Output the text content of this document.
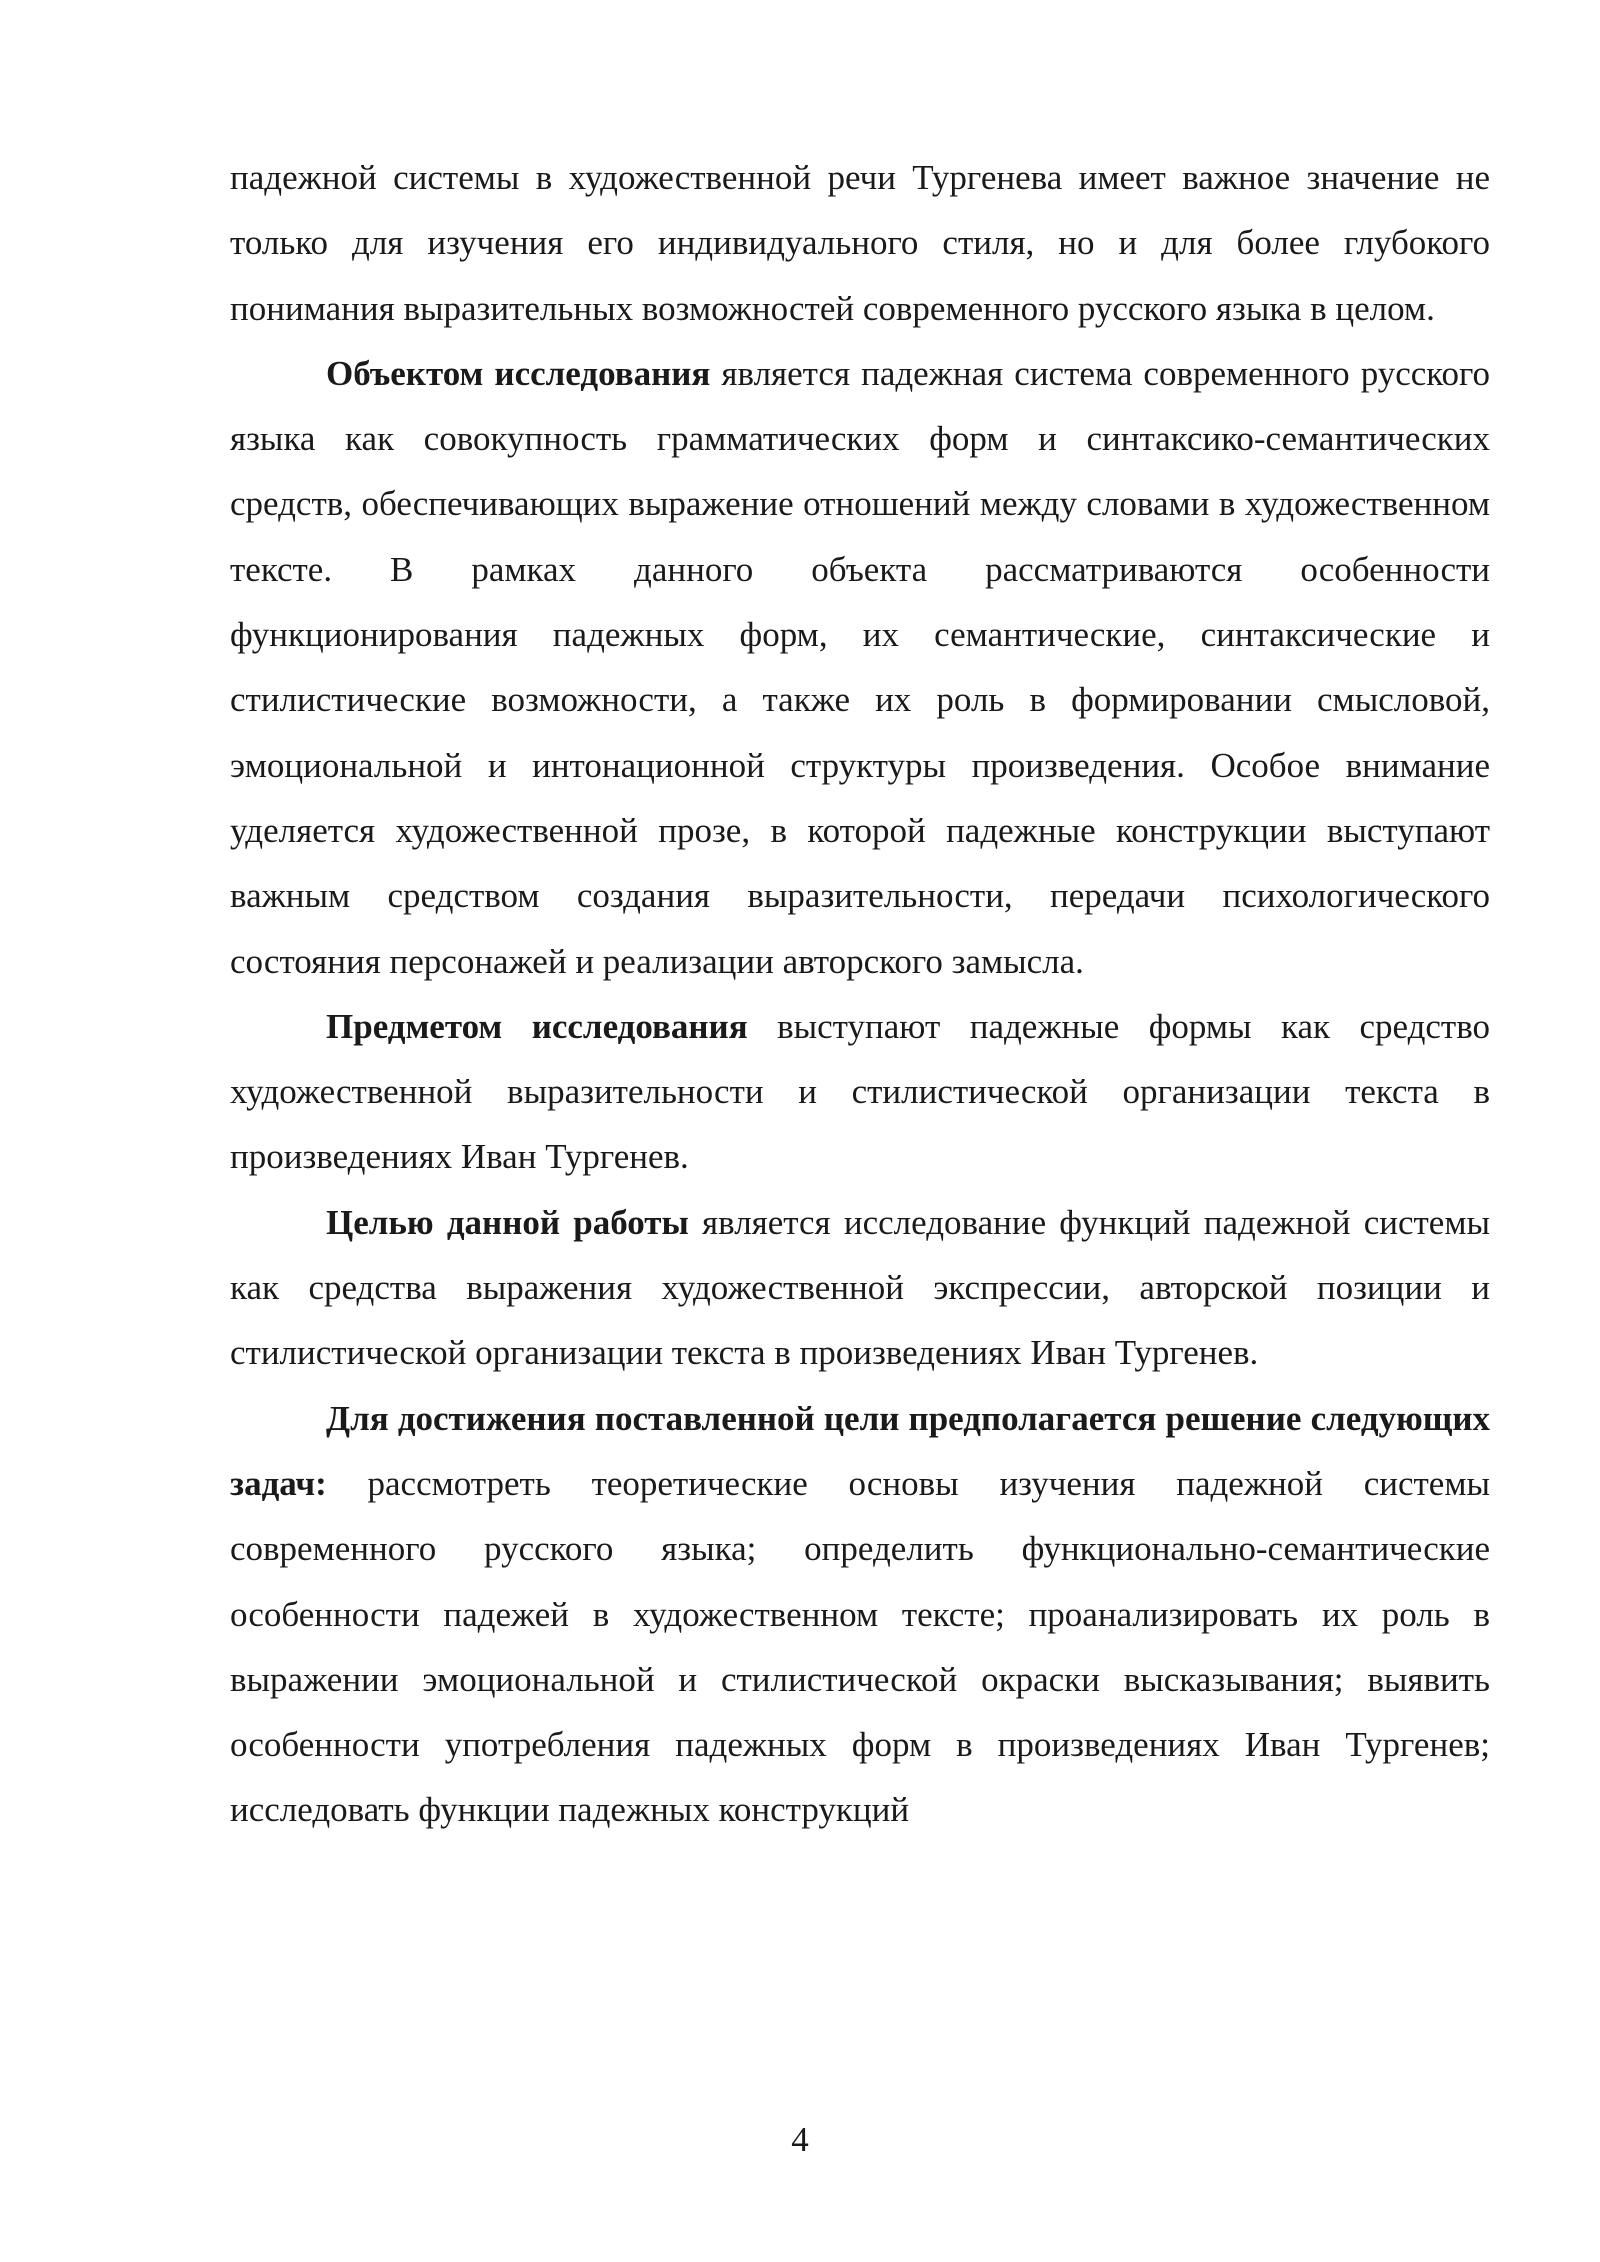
падежной системы в художественной речи Тургенева имеет важное значение не только для изучения его индивидуального стиля, но и для более глубокого понимания выразительных возможностей современного русского языка в целом.

Объектом исследования является падежная система современного русского языка как совокупность грамматических форм и синтаксико-семантических средств, обеспечивающих выражение отношений между словами в художественном тексте. В рамках данного объекта рассматриваются особенности функционирования падежных форм, их семантические, синтаксические и стилистические возможности, а также их роль в формировании смысловой, эмоциональной и интонационной структуры произведения. Особое внимание уделяется художественной прозе, в которой падежные конструкции выступают важным средством создания выразительности, передачи психологического состояния персонажей и реализации авторского замысла.

Предметом исследования выступают падежные формы как средство художественной выразительности и стилистической организации текста в произведениях Иван Тургенев.

Целью данной работы является исследование функций падежной системы как средства выражения художественной экспрессии, авторской позиции и стилистической организации текста в произведениях Иван Тургенев.

Для достижения поставленной цели предполагается решение следующих задач: рассмотреть теоретические основы изучения падежной системы современного русского языка; определить функционально-семантические особенности падежей в художественном тексте; проанализировать их роль в выражении эмоциональной и стилистической окраски высказывания; выявить особенности употребления падежных форм в произведениях Иван Тургенев; исследовать функции падежных конструкций

4
